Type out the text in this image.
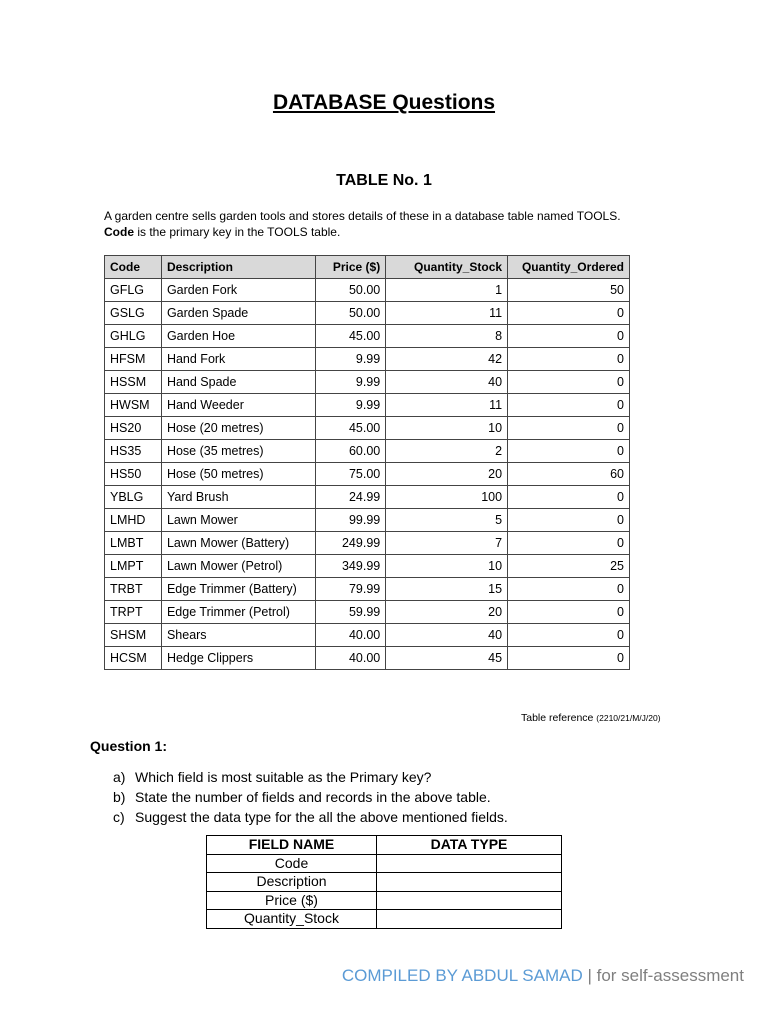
DATABASE Questions
TABLE No. 1
A garden centre sells garden tools and stores details of these in a database table named TOOLS.
Code is the primary key in the TOOLS table.
Code	Description	Price ($)	Quantity_Stock	Quantity_Ordered
GFLG	Garden Fork	50.00	1	50
GSLG	Garden Spade	50.00	11	0
GHLG	Garden Hoe	45.00	8	0
HFSM	Hand Fork	9.99	42	0
HSSM	Hand Spade	9.99	40	0
HWSM	Hand Weeder	9.99	11	0
HS20	Hose (20 metres)	45.00	10	0
HS35	Hose (35 metres)	60.00	2	0
HS50	Hose (50 metres)	75.00	20	60
YBLG	Yard Brush	24.99	100	0
LMHD	Lawn Mower	99.99	5	0
LMBT	Lawn Mower (Battery)	249.99	7	0
LMPT	Lawn Mower (Petrol)	349.99	10	25
TRBT	Edge Trimmer (Battery)	79.99	15	0
TRPT	Edge Trimmer (Petrol)	59.99	20	0
SHSM	Shears	40.00	40	0
HCSM	Hedge Clippers	40.00	45	0
Table reference (2210/21/M/J/20)
Question 1:
a) Which field is most suitable as the Primary key?
b) State the number of fields and records in the above table.
c) Suggest the data type for the all the above mentioned fields.
FIELD NAME	DATA TYPE
Code	
Description	
Price ($)	
Quantity_Stock	
COMPILED BY ABDUL SAMAD | for self-assessment
